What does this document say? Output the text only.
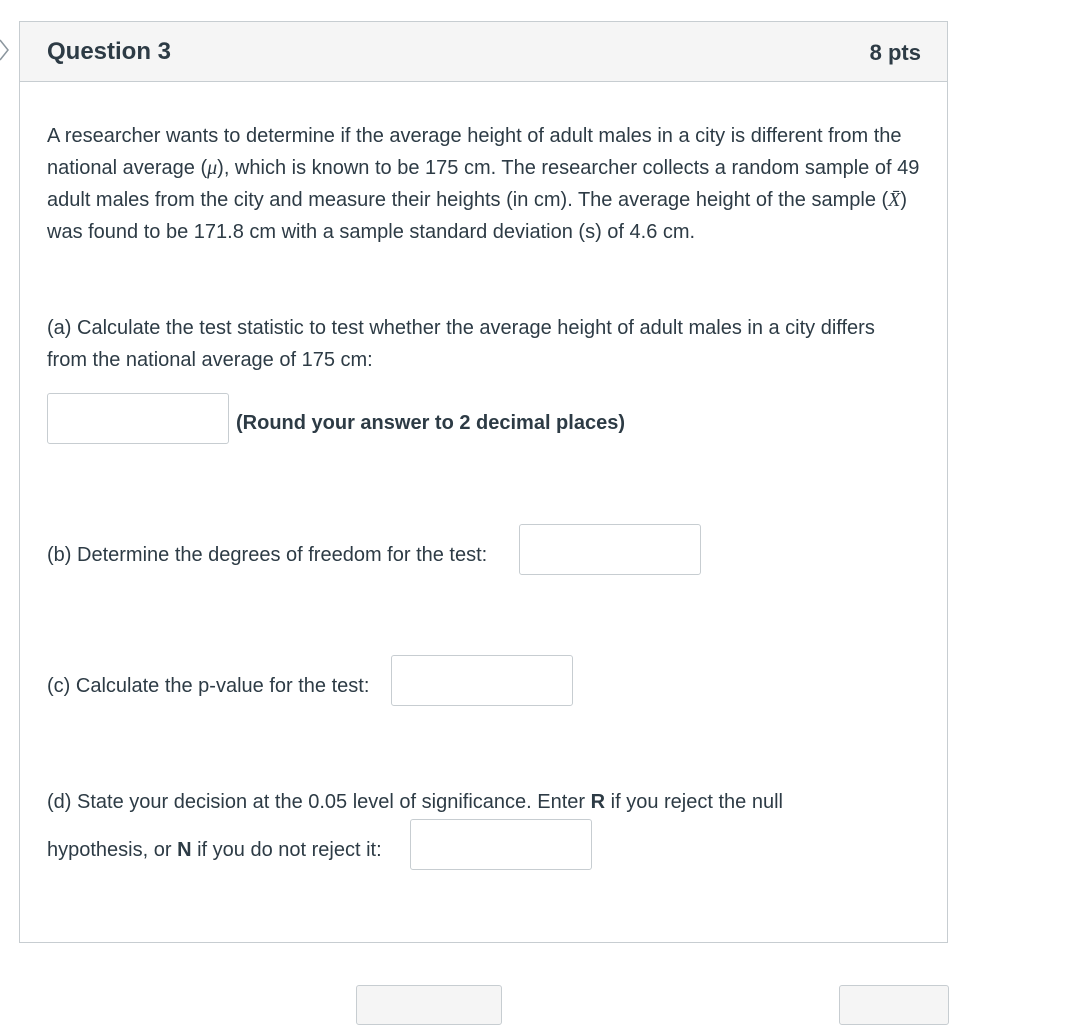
Question 3	8 pts
A researcher wants to determine if the average height of adult males in a city is different from the national average (μ), which is known to be 175 cm. The researcher collects a random sample of 49 adult males from the city and measure their heights (in cm). The average height of the sample (X̄) was found to be 171.8 cm with a sample standard deviation (s) of 4.6 cm.
(a) Calculate the test statistic to test whether the average height of adult males in a city differs from the national average of 175 cm:
(Round your answer to 2 decimal places)
(b) Determine the degrees of freedom for the test:
(c) Calculate the p-value for the test:
(d) State your decision at the 0.05 level of significance. Enter R if you reject the null
hypothesis, or N if you do not reject it:
